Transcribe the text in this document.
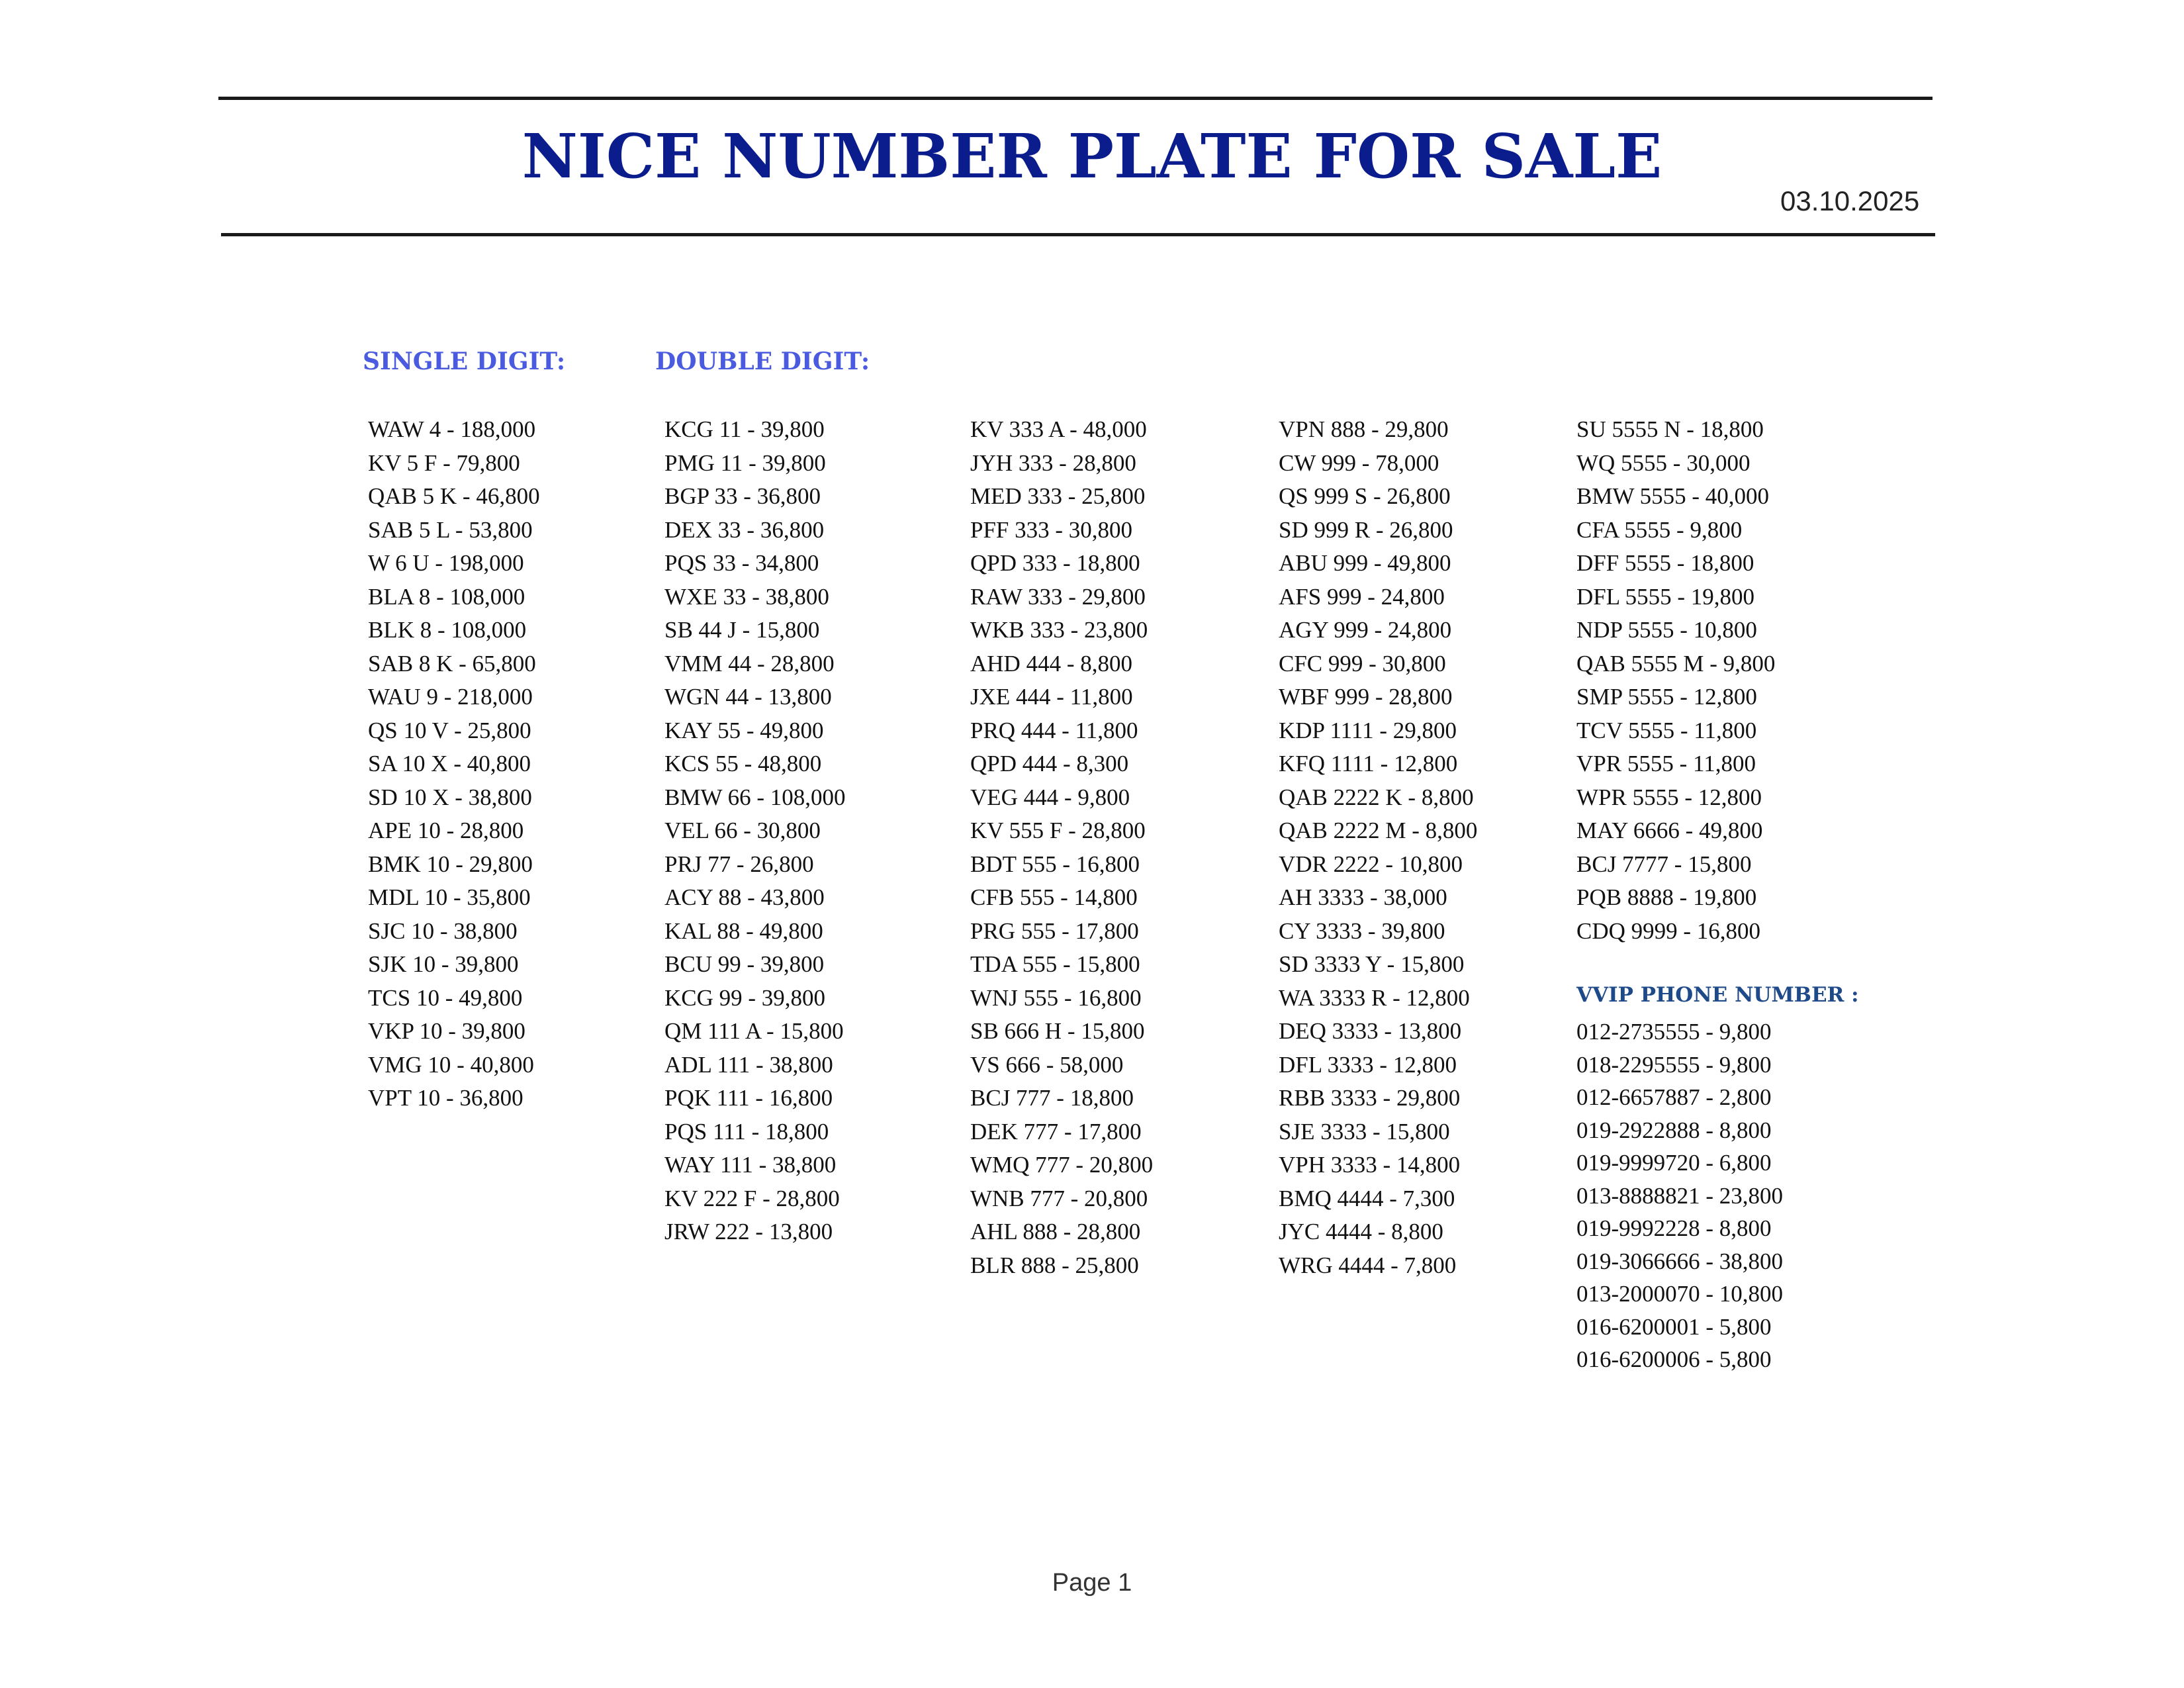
NICE NUMBER PLATE FOR SALE
03.10.2025
SINGLE DIGIT:	DOUBLE DIGIT:
WAW 4 - 188,000
KV 5 F - 79,800
QAB 5 K - 46,800
SAB 5 L - 53,800
W 6 U - 198,000
BLA 8 - 108,000
BLK 8 - 108,000
SAB 8 K - 65,800
WAU 9 - 218,000
QS 10 V - 25,800
SA 10 X - 40,800
SD 10 X - 38,800
APE 10 - 28,800
BMK 10 - 29,800
MDL 10 - 35,800
SJC 10 - 38,800
SJK 10 - 39,800
TCS 10 - 49,800
VKP 10 - 39,800
VMG 10 - 40,800
VPT 10 - 36,800
KCG 11 - 39,800
PMG 11 - 39,800
BGP 33 - 36,800
DEX 33 - 36,800
PQS 33 - 34,800
WXE 33 - 38,800
SB 44 J - 15,800
VMM 44 - 28,800
WGN 44 - 13,800
KAY 55 - 49,800
KCS 55 - 48,800
BMW 66 - 108,000
VEL 66 - 30,800
PRJ 77 - 26,800
ACY 88 - 43,800
KAL 88 - 49,800
BCU 99 - 39,800
KCG 99 - 39,800
QM 111 A - 15,800
ADL 111 - 38,800
PQK 111 - 16,800
PQS 111 - 18,800
WAY 111 - 38,800
KV 222 F - 28,800
JRW 222 - 13,800
KV 333 A - 48,000
JYH 333 - 28,800
MED 333 - 25,800
PFF 333 - 30,800
QPD 333 - 18,800
RAW 333 - 29,800
WKB 333 - 23,800
AHD 444 - 8,800
JXE 444 - 11,800
PRQ 444 - 11,800
QPD 444 - 8,300
VEG 444 - 9,800
KV 555 F - 28,800
BDT 555 - 16,800
CFB 555 - 14,800
PRG 555 - 17,800
TDA 555 - 15,800
WNJ 555 - 16,800
SB 666 H - 15,800
VS 666 - 58,000
BCJ 777 - 18,800
DEK 777 - 17,800
WMQ 777 - 20,800
WNB 777 - 20,800
AHL 888 - 28,800
BLR 888 - 25,800
VPN 888 - 29,800
CW 999 - 78,000
QS 999 S - 26,800
SD 999 R - 26,800
ABU 999 - 49,800
AFS 999 - 24,800
AGY 999 - 24,800
CFC 999 - 30,800
WBF 999 - 28,800
KDP 1111 - 29,800
KFQ 1111 - 12,800
QAB 2222 K - 8,800
QAB 2222 M - 8,800
VDR 2222 - 10,800
AH 3333 - 38,000
CY 3333 - 39,800
SD 3333 Y - 15,800
WA 3333 R - 12,800
DEQ 3333 - 13,800
DFL 3333 - 12,800
RBB 3333 - 29,800
SJE 3333 - 15,800
VPH 3333 - 14,800
BMQ 4444 - 7,300
JYC 4444 - 8,800
WRG 4444 - 7,800
SU 5555 N - 18,800
WQ 5555 - 30,000
BMW 5555 - 40,000
CFA 5555 - 9,800
DFF 5555 - 18,800
DFL 5555 - 19,800
NDP 5555 - 10,800
QAB 5555 M - 9,800
SMP 5555 - 12,800
TCV 5555 - 11,800
VPR 5555 - 11,800
WPR 5555 - 12,800
MAY 6666 - 49,800
BCJ 7777 - 15,800
PQB 8888 - 19,800
CDQ 9999 - 16,800
VVIP PHONE NUMBER :
012-2735555 - 9,800
018-2295555 - 9,800
012-6657887 - 2,800
019-2922888 - 8,800
019-9999720 - 6,800
013-8888821 - 23,800
019-9992228 - 8,800
019-3066666 - 38,800
013-2000070 - 10,800
016-6200001 - 5,800
016-6200006 - 5,800
Page 1
